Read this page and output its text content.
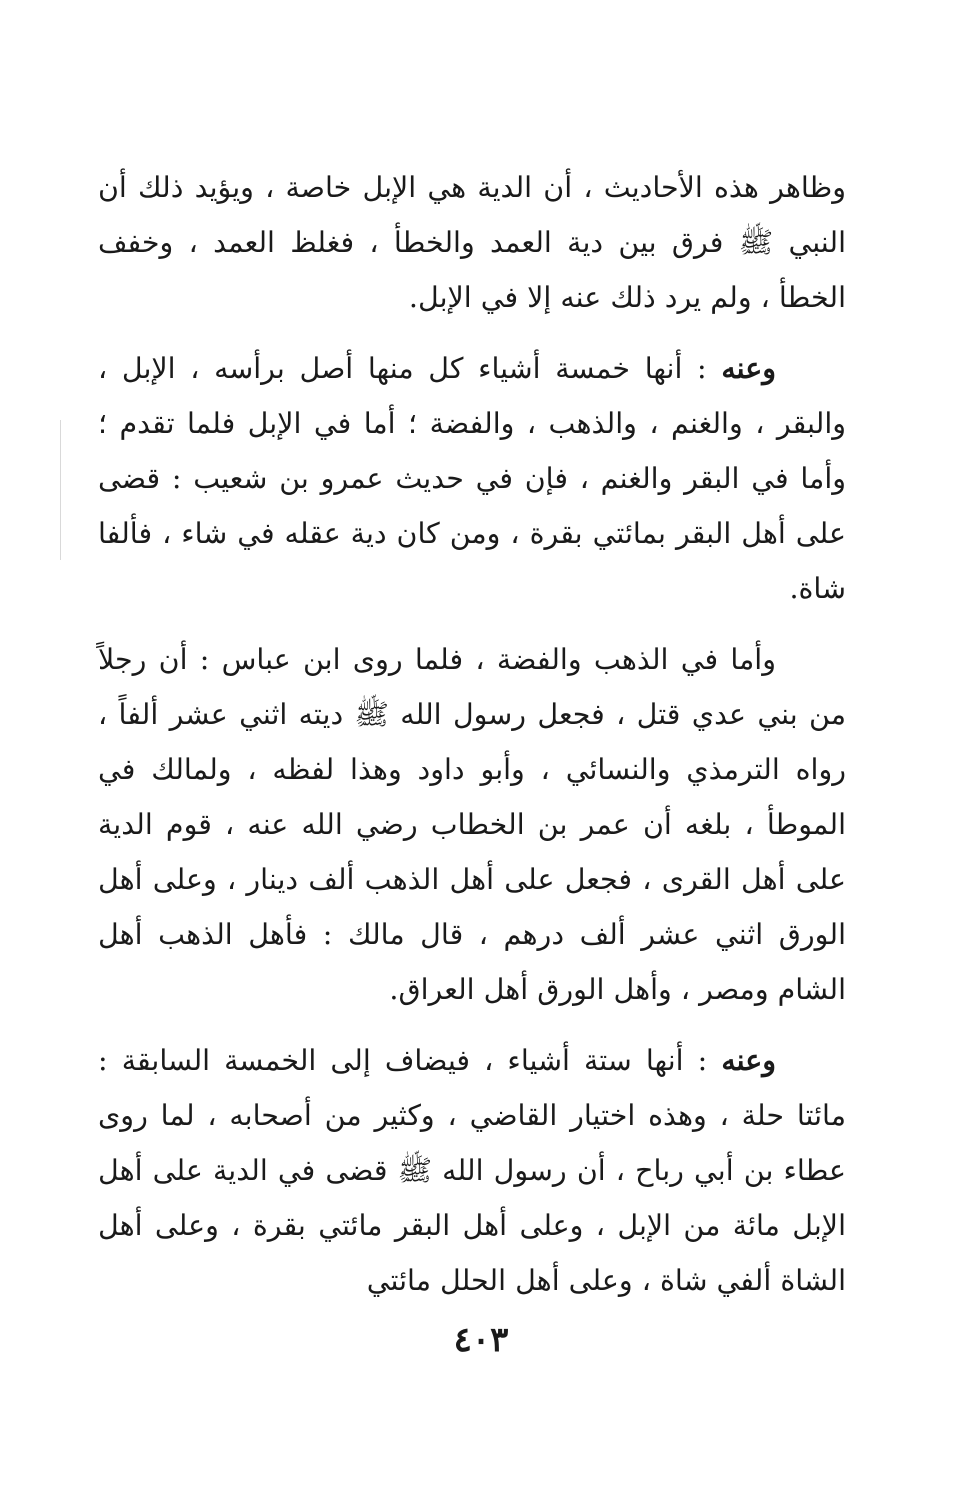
وظاهر هذه الأحاديث ، أن الدية هي الإبل خاصة ، ويؤيد ذلك أن النبي ﷺ فرق بين دية العمد والخطأ ، فغلظ العمد ، وخفف الخطأ ، ولم يرد ذلك عنه إلا في الإبل.

وعنه : أنها خمسة أشياء كل منها أصل برأسه ، الإبل ، والبقر ، والغنم ، والذهب ، والفضة ؛ أما في الإبل فلما تقدم ؛ وأما في البقر والغنم ، فإن في حديث عمرو بن شعيب : قضى على أهل البقر بمائتي بقرة ، ومن كان دية عقله في شاء ، فألفا شاة.

وأما في الذهب والفضة ، فلما روى ابن عباس : أن رجلاً من بني عدي قتل ، فجعل رسول الله ﷺ ديته اثني عشر ألفاً ، رواه الترمذي والنسائي ، وأبو داود وهذا لفظه ، ولمالك في الموطأ ، بلغه أن عمر بن الخطاب رضي الله عنه ، قوم الدية على أهل القرى ، فجعل على أهل الذهب ألف دينار ، وعلى أهل الورق اثني عشر ألف درهم ، قال مالك : فأهل الذهب أهل الشام ومصر ، وأهل الورق أهل العراق.

وعنه : أنها ستة أشياء ، فيضاف إلى الخمسة السابقة : مائتا حلة ، وهذه اختيار القاضي ، وكثير من أصحابه ، لما روى عطاء بن أبي رباح ، أن رسول الله ﷺ قضى في الدية على أهل الإبل مائة من الإبل ، وعلى أهل البقر مائتي بقرة ، وعلى أهل الشاة ألفي شاة ، وعلى أهل الحلل مائتي

٤٠٣
